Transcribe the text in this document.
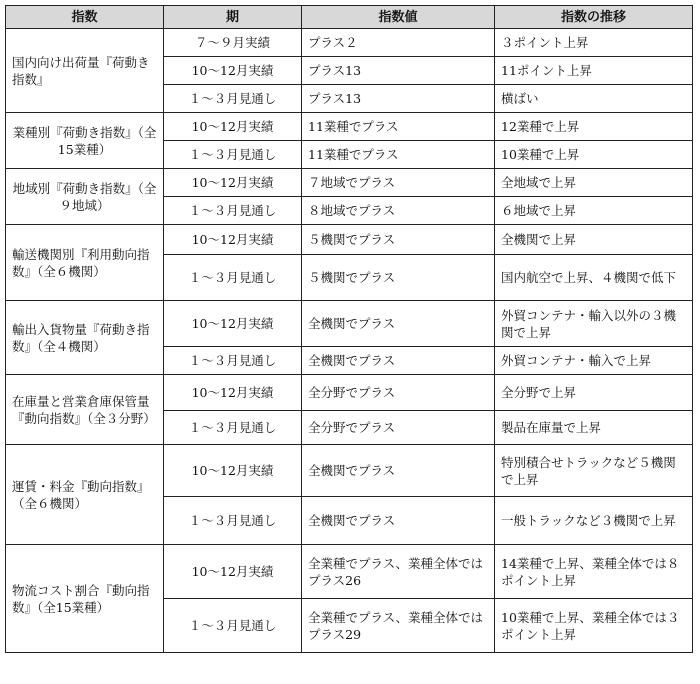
指数	期	指数値	指数の推移
国内向け出荷量『荷動き指数』	７～９月実績	プラス２	３ポイント上昇
	10～12月実績	プラス13	11ポイント上昇
	１～３月見通し	プラス13	横ばい
業種別『荷動き指数』（全15業種）	10～12月実績	11業種でプラス	12業種で上昇
	１～３月見通し	11業種でプラス	10業種で上昇
地域別『荷動き指数』（全９地域）	10～12月実績	７地域でプラス	全地域で上昇
	１～３月見通し	８地域でプラス	６地域で上昇
輸送機関別『利用動向指数』（全６機関）	10～12月実績	５機関でプラス	全機関で上昇
	１～３月見通し	５機関でプラス	国内航空で上昇、４機関で低下
輸出入貨物量『荷動き指数』（全４機関）	10～12月実績	全機関でプラス	外貿コンテナ・輸入以外の３機関で上昇
	１～３月見通し	全機関でプラス	外貿コンテナ・輸入で上昇
在庫量と営業倉庫保管量『動向指数』（全３分野）	10～12月実績	全分野でプラス	全分野で上昇
	１～３月見通し	全分野でプラス	製品在庫量で上昇
運賃・料金『動向指数』（全６機関）	10～12月実績	全機関でプラス	特別積合せトラックなど５機関で上昇
	１～３月見通し	全機関でプラス	一般トラックなど３機関で上昇
物流コスト割合『動向指数』（全15業種）	10～12月実績	全業種でプラス、業種全体ではプラス26	14業種で上昇、業種全体では８ポイント上昇
	１～３月見通し	全業種でプラス、業種全体ではプラス29	10業種で上昇、業種全体では３ポイント上昇
